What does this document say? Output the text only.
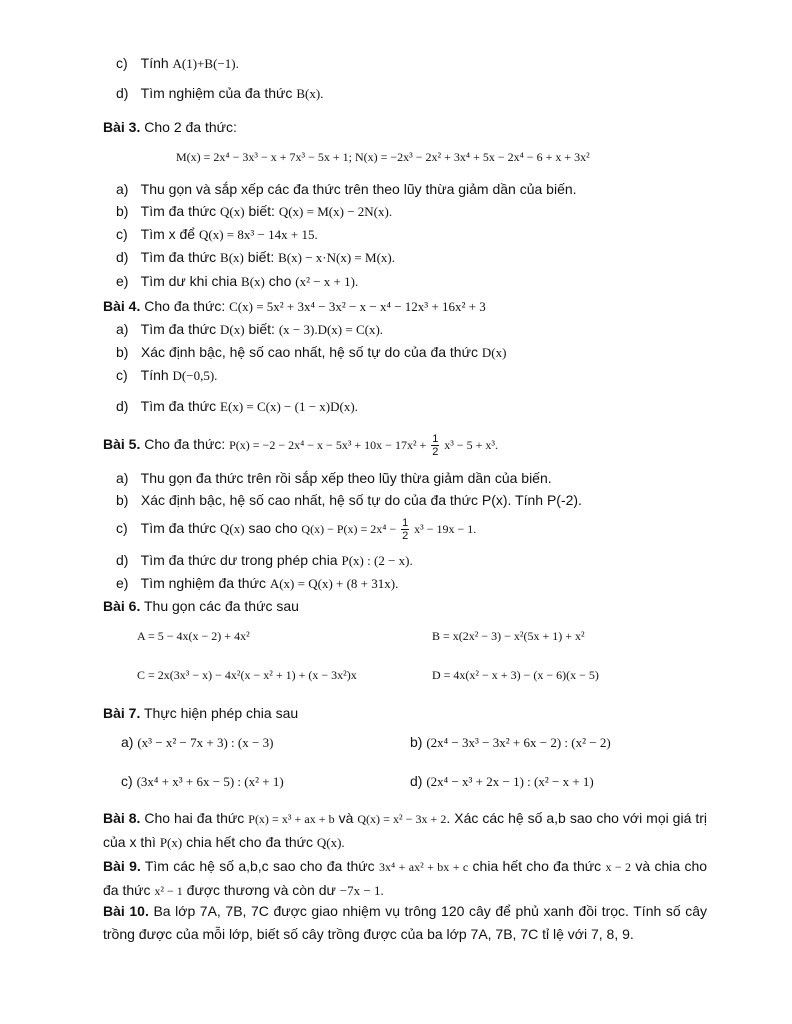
c) Tính A(1)+B(−1).
d) Tìm nghiệm của đa thức B(x).
Bài 3. Cho 2 đa thức:
M(x) = 2x⁴ − 3x³ − x + 7x³ − 5x + 1; N(x) = −2x³ − 2x² + 3x⁴ + 5x − 2x⁴ − 6 + x + 3x²
a) Thu gọn và sắp xếp các đa thức trên theo lũy thừa giảm dần của biến.
b) Tìm đa thức Q(x) biết: Q(x) = M(x) − 2N(x).
c) Tìm x để Q(x) = 8x³ − 14x + 15.
d) Tìm đa thức B(x) biết: B(x) − x·N(x) = M(x).
e) Tìm dư khi chia B(x) cho (x² − x + 1).
Bài 4. Cho đa thức: C(x) = 5x² + 3x⁴ − 3x² − x − x⁴ − 12x³ + 16x² + 3
a) Tìm đa thức D(x) biết: (x − 3).D(x) = C(x).
b) Xác định bậc, hệ số cao nhất, hệ số tự do của đa thức D(x)
c) Tính D(−0,5).
d) Tìm đa thức E(x) = C(x) − (1 − x)D(x).
Bài 5. Cho đa thức: $P(x) = -2 - 2x^4 - x - 5x^3 + 10x - 17x^2 + \frac{1}{2} x^3 - 5 + x^3$.
a) Thu gọn đa thức trên rồi sắp xếp theo lũy thừa giảm dần của biến.
b) Xác định bậc, hệ số cao nhất, hệ số tự do của đa thức P(x). Tính P(-2).
c) Tìm đa thức Q(x) sao cho $Q(x) - P(x) = 2x^4 - \frac{1}{2} x^3 - 19x - 1$.
d) Tìm đa thức dư trong phép chia P(x) : (2 − x).
e) Tìm nghiệm đa thức A(x) = Q(x) + (8 + 31x).
Bài 6. Thu gọn các đa thức sau
A = 5 − 4x(x − 2) + 4x²	B = x(2x² − 3) − x²(5x + 1) + x²
C = 2x(3x³ − x) − 4x²(x − x² + 1) + (x − 3x²)x	D = 4x(x² − x + 3) − (x − 6)(x − 5)
Bài 7. Thực hiện phép chia sau
a) (x³ − x² − 7x + 3) : (x − 3)	b) (2x⁴ − 3x³ − 3x² + 6x − 2) : (x² − 2)
c) (3x⁴ + x³ + 6x − 5) : (x² + 1)	d) (2x⁴ − x³ + 2x − 1) : (x² − x + 1)
Bài 8. Cho hai đa thức P(x) = x³ + ax + b và Q(x) = x² − 3x + 2. Xác các hệ số a,b sao cho với mọi giá trị của x thì P(x) chia hết cho đa thức Q(x).
Bài 9. Tìm các hệ số a,b,c sao cho đa thức 3x⁴ + ax² + bx + c chia hết cho đa thức x − 2 và chia cho đa thức x² − 1 được thương và còn dư −7x − 1.
Bài 10. Ba lớp 7A, 7B, 7C được giao nhiệm vụ trông 120 cây để phủ xanh đồi trọc. Tính số cây trồng được của mỗi lớp, biết số cây trồng được của ba lớp 7A, 7B, 7C tỉ lệ với 7, 8, 9.
